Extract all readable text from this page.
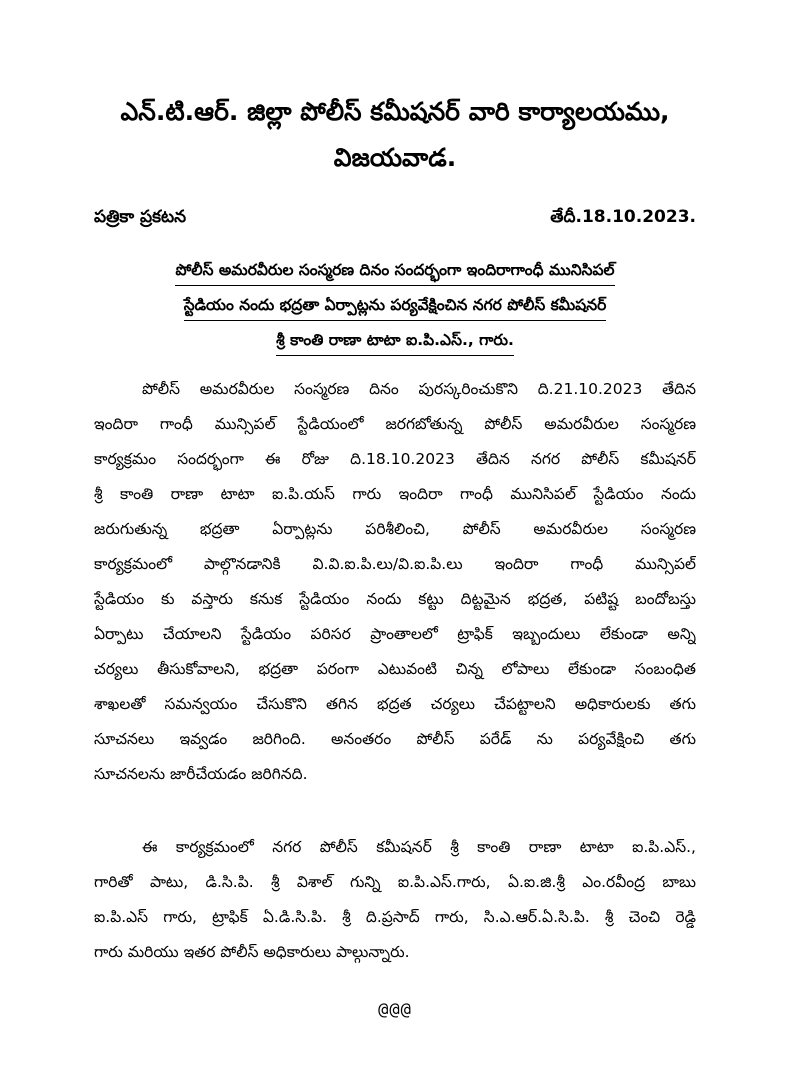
ఎన్.టి.ఆర్. జిల్లా పోలీస్ కమీషనర్ వారి కార్యాలయము,
విజయవాడ.
పత్రికా ప్రకటన	తేదీ.18.10.2023.
పోలీస్ అమరవీరుల సంస్మరణ దినం సందర్భంగా ఇందిరాగాంధీ మునిసిపల్
స్టేడియం నందు భద్రతా ఏర్పాట్లను పర్యవేక్షించిన నగర పోలీస్ కమీషనర్
శ్రీ కాంతి రాణా టాటా ఐ.పి.ఎస్., గారు.
పోలీస్ అమరవీరుల సంస్మరణ దినం పురస్కరించుకొని ది.21.10.2023 తేదిన
ఇందిరా గాంధీ మున్సిపల్ స్టేడియంలో జరగబోతున్న పోలీస్ అమరవీరుల సంస్మరణ
కార్యక్రమం సందర్భంగా ఈ రోజు ది.18.10.2023 తేదిన నగర పోలీస్ కమీషనర్
శ్రీ కాంతి రాణా టాటా ఐ.పి.యస్ గారు ఇందిరా గాంధీ మునిసిపల్ స్టేడియం నందు
జరుగుతున్న భద్రతా ఏర్పాట్లను పరిశీలించి, పోలీస్ అమరవీరుల సంస్మరణ
కార్యక్రమంలో పాల్గొనడానికి వి.వి.ఐ.పి.లు/వి.ఐ.పి.లు ఇందిరా గాంధీ మున్సిపల్
స్టేడియం కు వస్తారు కనుక స్టేడియం నందు కట్టు దిట్టమైన భద్రత, పటిష్ట బందోబస్తు
ఏర్పాటు చేయాలని స్టేడియం పరిసర ప్రాంతాలలో ట్రాఫిక్ ఇబ్బందులు లేకుండా అన్ని
చర్యలు తీసుకోవాలని, భద్రతా పరంగా ఎటువంటి చిన్న లోపాలు లేకుండా సంబంధిత
శాఖలతో సమన్వయం చేసుకొని తగిన భద్రత చర్యలు చేపట్టాలని అధికారులకు తగు
సూచనలు ఇవ్వడం జరిగింది. అనంతరం పోలీస్ పరేడ్ ను పర్యవేక్షించి తగు
సూచనలను జారీచేయడం జరిగినది.
ఈ కార్యక్రమంలో నగర పోలీస్ కమీషనర్ శ్రీ కాంతి రాణా టాటా ఐ.పి.ఎస్.,
గారితో పాటు, డి.సి.పి. శ్రీ విశాల్ గున్ని ఐ.పి.ఎస్.గారు, ఏ.ఐ.జి.శ్రీ ఎం.రవీంద్ర బాబు
ఐ.పి.ఎస్ గారు, ట్రాఫిక్ ఏ.డి.సి.పి. శ్రీ ది.ప్రసాద్ గారు, సి.ఎ.ఆర్.ఏ.సి.పి. శ్రీ చెంచి రెడ్డి
గారు మరియు ఇతర పోలీస్ అధికారులు పాల్గున్నారు.
@@@
